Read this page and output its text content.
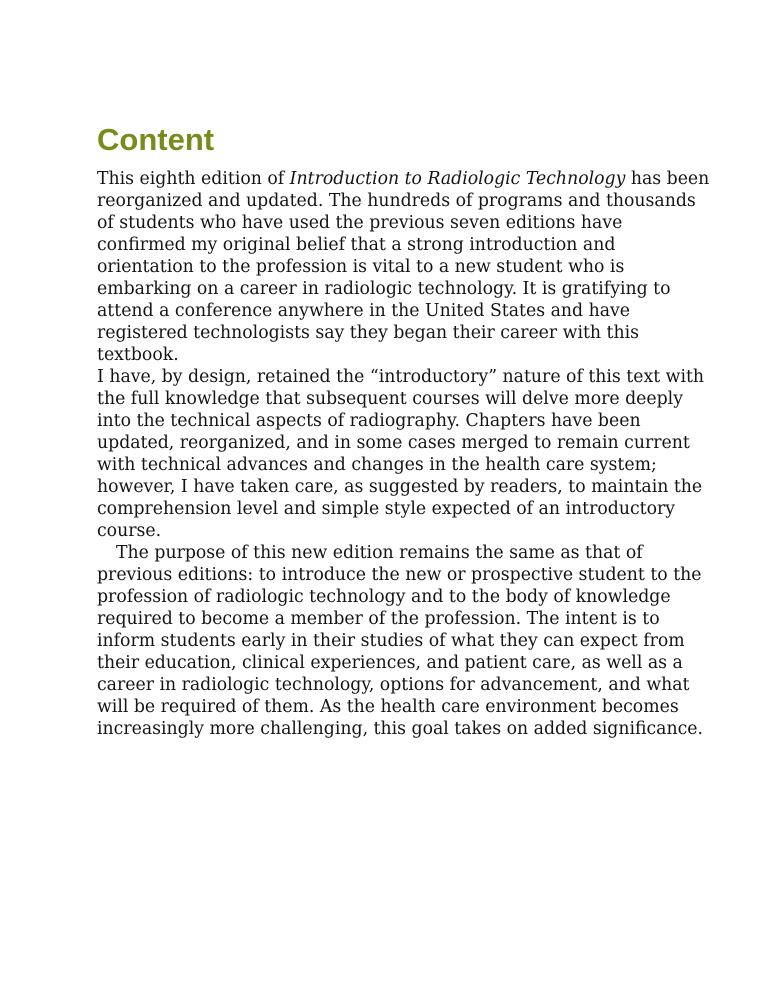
Content
This eighth edition of Introduction to Radiologic Technology has been
reorganized and updated. The hundreds of programs and thousands
of students who have used the previous seven editions have
confirmed my original belief that a strong introduction and
orientation to the profession is vital to a new student who is
embarking on a career in radiologic technology. It is gratifying to
attend a conference anywhere in the United States and have
registered technologists say they began their career with this
textbook.
I have, by design, retained the “introductory” nature of this text with
the full knowledge that subsequent courses will delve more deeply
into the technical aspects of radiography. Chapters have been
updated, reorganized, and in some cases merged to remain current
with technical advances and changes in the health care system;
however, I have taken care, as suggested by readers, to maintain the
comprehension level and simple style expected of an introductory
course.
The purpose of this new edition remains the same as that of
previous editions: to introduce the new or prospective student to the
profession of radiologic technology and to the body of knowledge
required to become a member of the profession. The intent is to
inform students early in their studies of what they can expect from
their education, clinical experiences, and patient care, as well as a
career in radiologic technology, options for advancement, and what
will be required of them. As the health care environment becomes
increasingly more challenging, this goal takes on added significance.
